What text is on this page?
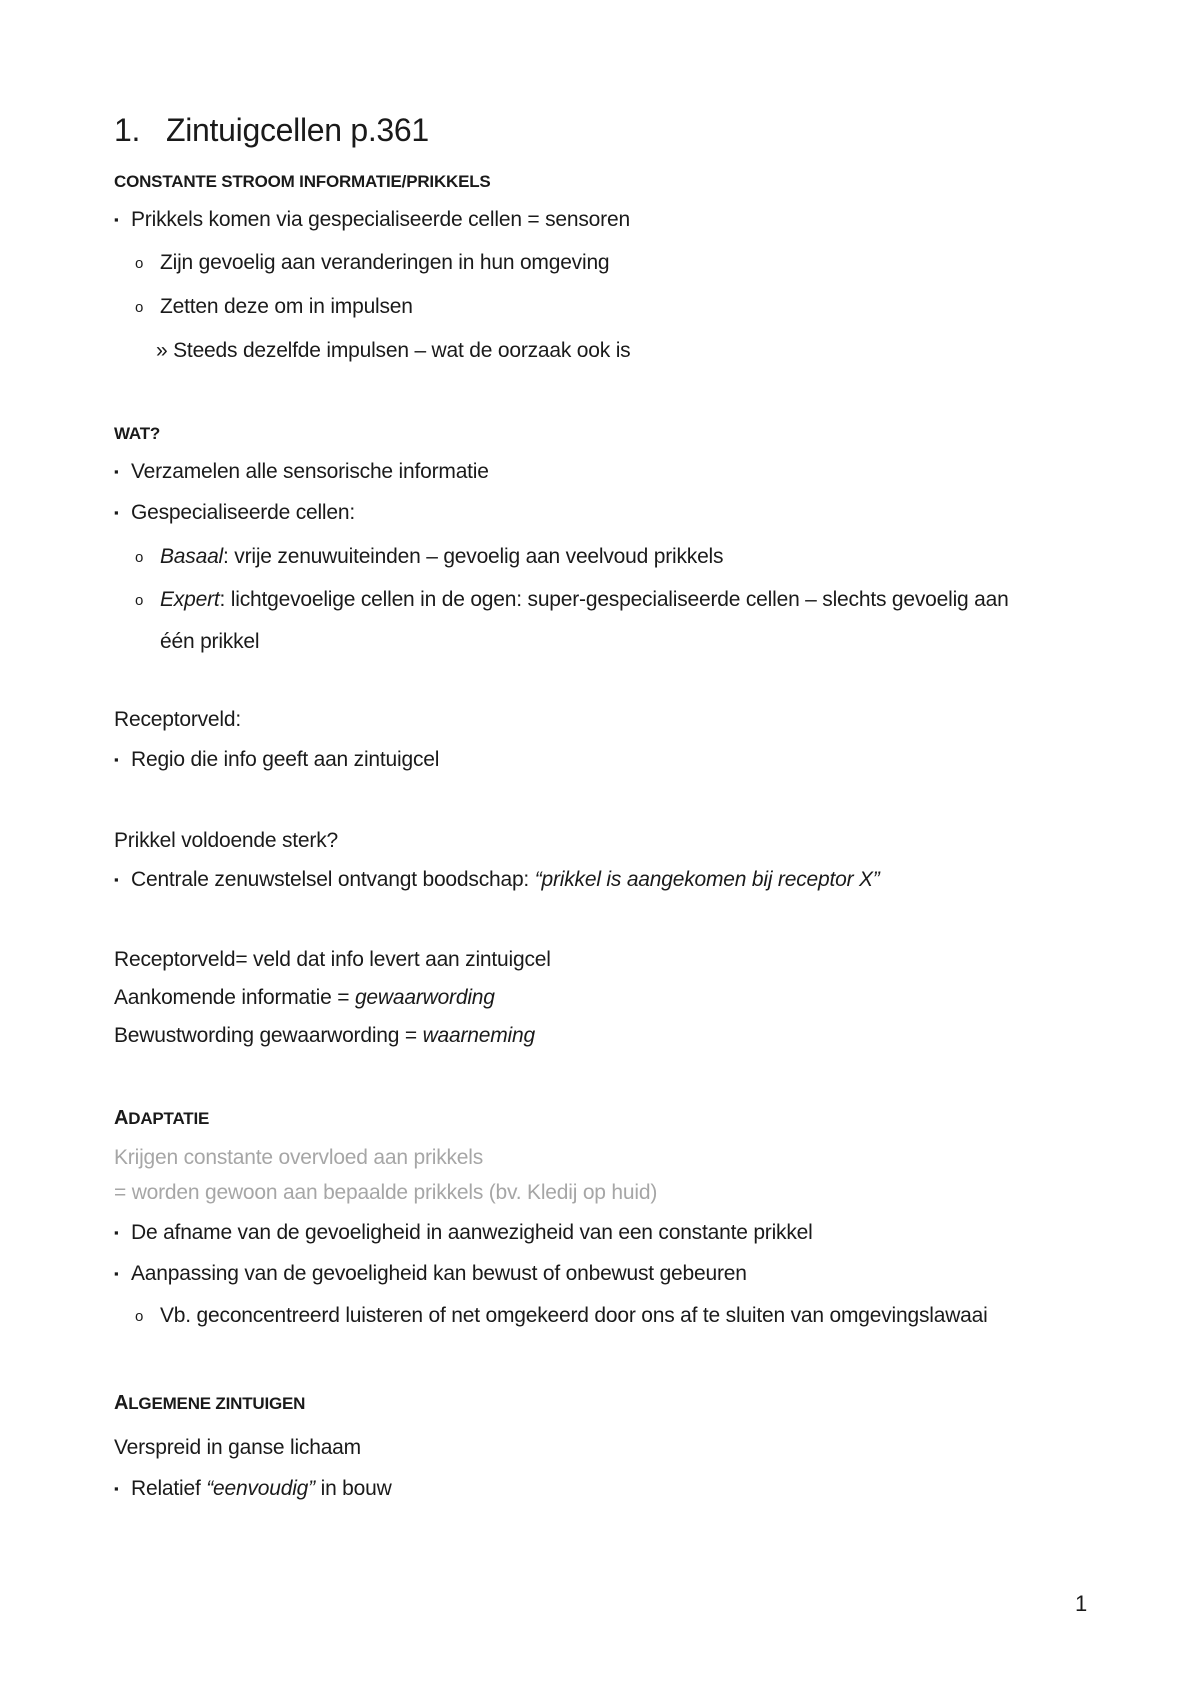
1. Zintuigcellen p.361
CONSTANTE STROOM INFORMATIE/PRIKKELS
▪ Prikkels komen via gespecialiseerde cellen = sensoren
o Zijn gevoelig aan veranderingen in hun omgeving
o Zetten deze om in impulsen
» Steeds dezelfde impulsen – wat de oorzaak ook is
WAT?
▪ Verzamelen alle sensorische informatie
▪ Gespecialiseerde cellen:
o Basaal: vrije zenuwuiteinden – gevoelig aan veelvoud prikkels
o Expert: lichtgevoelige cellen in de ogen: super-gespecialiseerde cellen – slechts gevoelig aan
één prikkel
Receptorveld:
▪ Regio die info geeft aan zintuigcel
Prikkel voldoende sterk?
▪ Centrale zenuwstelsel ontvangt boodschap: “prikkel is aangekomen bij receptor X”
Receptorveld= veld dat info levert aan zintuigcel
Aankomende informatie = gewaarwording
Bewustwording gewaarwording = waarneming
ADAPTATIE
Krijgen constante overvloed aan prikkels
= worden gewoon aan bepaalde prikkels (bv. Kledij op huid)
▪ De afname van de gevoeligheid in aanwezigheid van een constante prikkel
▪ Aanpassing van de gevoeligheid kan bewust of onbewust gebeuren
o Vb. geconcentreerd luisteren of net omgekeerd door ons af te sluiten van omgevingslawaai
ALGEMENE ZINTUIGEN
Verspreid in ganse lichaam
▪ Relatief “eenvoudig” in bouw
1
